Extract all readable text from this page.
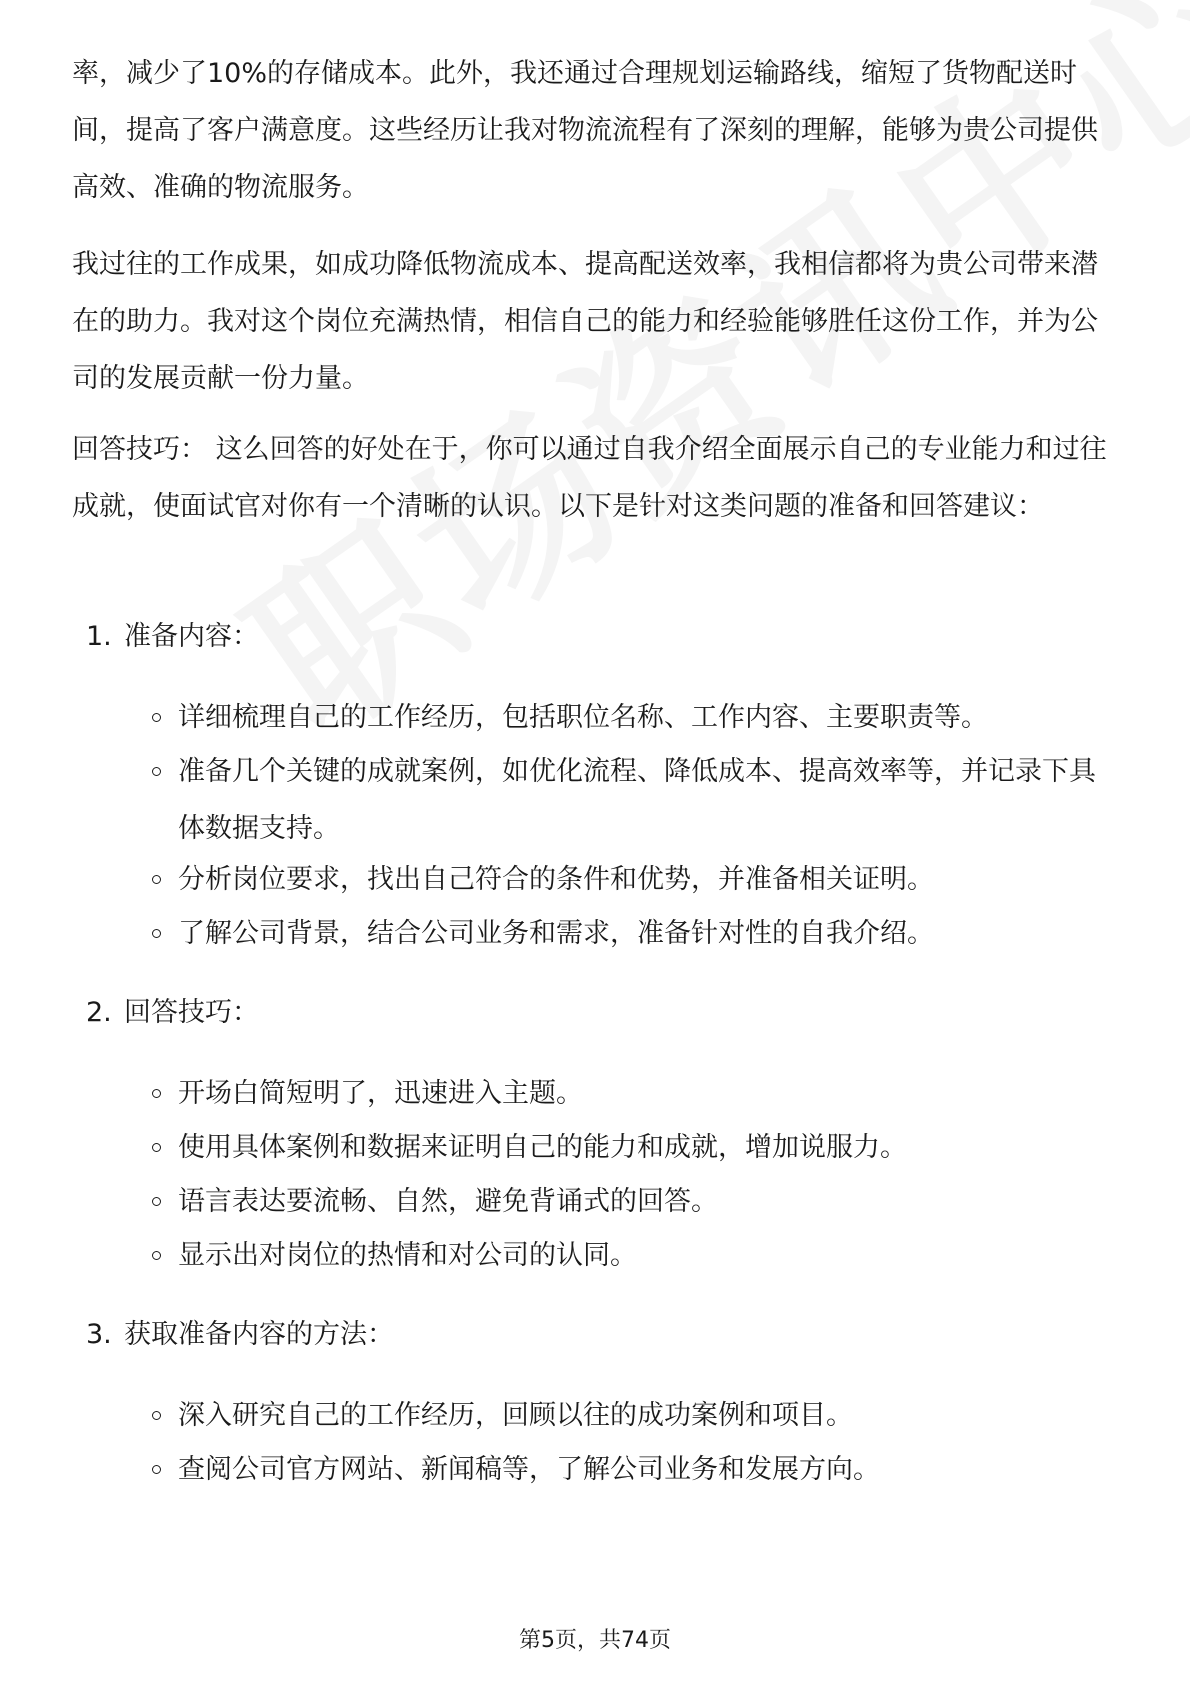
率，减少了10%的存储成本。此外，我还通过合理规划运输路线，缩短了货物配送时间，提高了客户满意度。这些经历让我对物流流程有了深刻的理解，能够为贵公司提供高效、准确的物流服务。

我过往的工作成果，如成功降低物流成本、提高配送效率，我相信都将为贵公司带来潜在的助力。我对这个岗位充满热情，相信自己的能力和经验能够胜任这份工作，并为公司的发展贡献一份力量。

回答技巧： 这么回答的好处在于，你可以通过自我介绍全面展示自己的专业能力和过往成就，使面试官对你有一个清晰的认识。以下是针对这类问题的准备和回答建议：

1. 准备内容：
详细梳理自己的工作经历，包括职位名称、工作内容、主要职责等。
准备几个关键的成就案例，如优化流程、降低成本、提高效率等，并记录下具体数据支持。
分析岗位要求，找出自己符合的条件和优势，并准备相关证明。
了解公司背景，结合公司业务和需求，准备针对性的自我介绍。
2. 回答技巧：
开场白简短明了，迅速进入主题。
使用具体案例和数据来证明自己的能力和成就，增加说服力。
语言表达要流畅、自然，避免背诵式的回答。
显示出对岗位的热情和对公司的认同。
3. 获取准备内容的方法：
深入研究自己的工作经历，回顾以往的成功案例和项目。
查阅公司官方网站、新闻稿等，了解公司业务和发展方向。
第5页，共74页
